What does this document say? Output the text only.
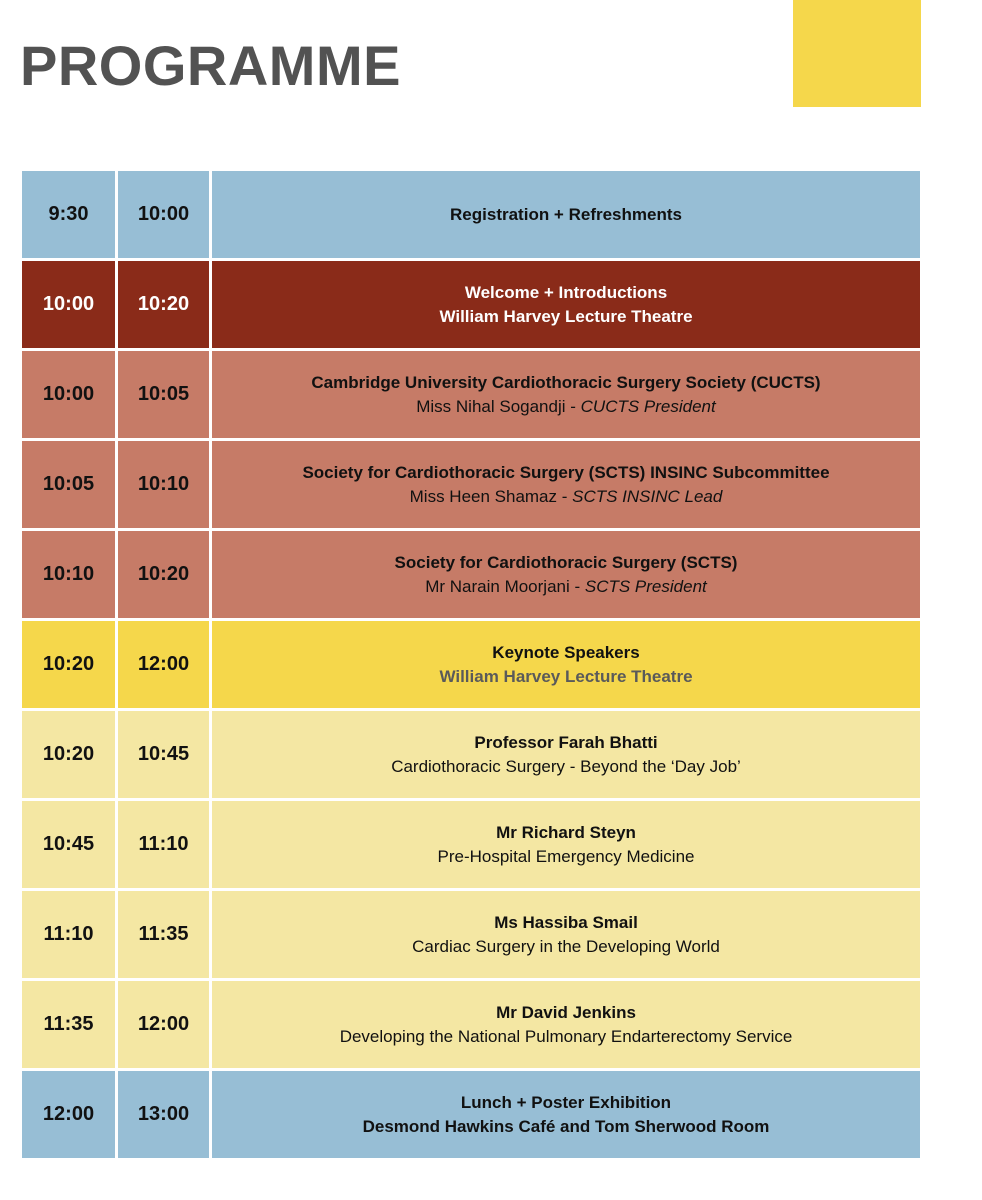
PROGRAMME
9:30 10:00	Registration + Refreshments
10:00 10:20
Welcome + Introductions
William Harvey Lecture Theatre
10:00 10:05
Cambridge University Cardiothoracic Surgery Society (CUCTS)
Miss Nihal Sogandji - CUCTS President
10:05 10:10
Society for Cardiothoracic Surgery (SCTS) INSINC Subcommittee
Miss Heen Shamaz - SCTS INSINC Lead
10:10 10:20
Society for Cardiothoracic Surgery (SCTS)
Mr Narain Moorjani - SCTS President
10:20 12:00
Keynote Speakers
William Harvey Lecture Theatre
10:20 10:45
Professor Farah Bhatti
Cardiothoracic Surgery - Beyond the ‘Day Job’
10:45 11:10
Mr Richard Steyn
Pre-Hospital Emergency Medicine
11:10 11:35
Ms Hassiba Smail
Cardiac Surgery in the Developing World
11:35 12:00
Mr David Jenkins
Developing the National Pulmonary Endarterectomy Service
12:00 13:00
Lunch + Poster Exhibition
Desmond Hawkins Café and Tom Sherwood Room
